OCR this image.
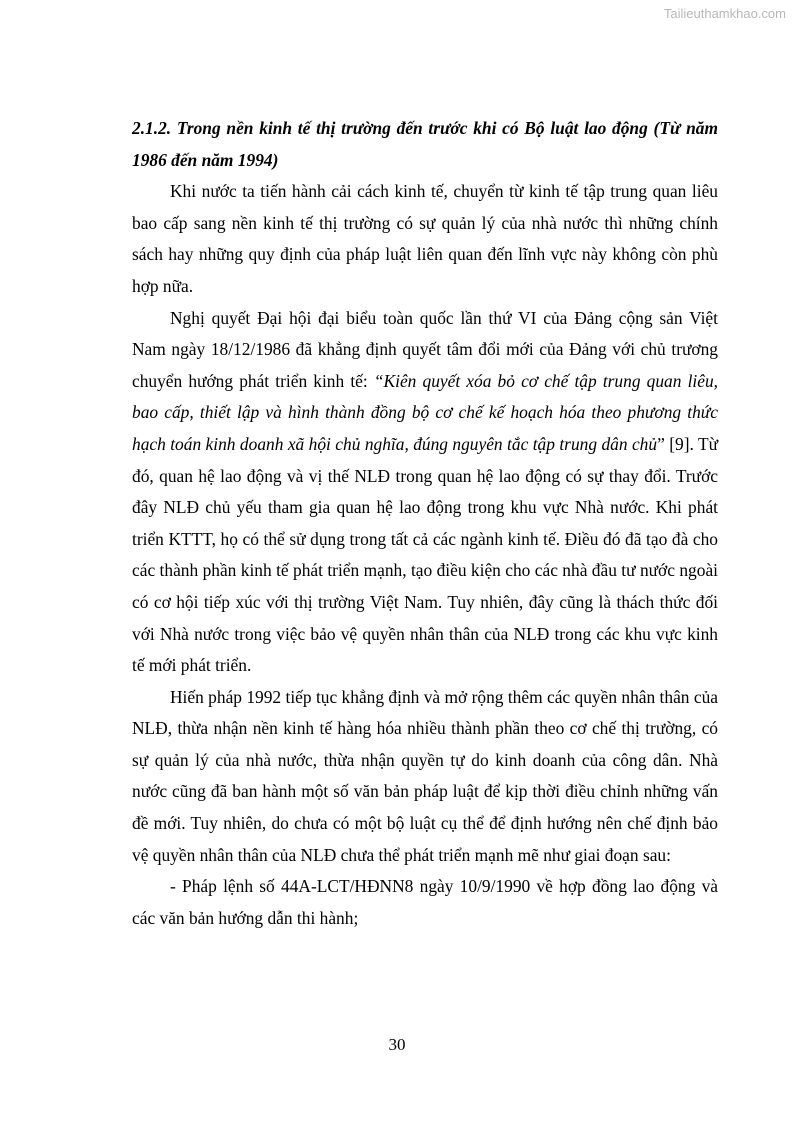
Tailieuthamkhao.com

2.1.2. Trong nền kinh tế thị trường đến trước khi có Bộ luật lao động (Từ năm 1986 đến năm 1994)

Khi nước ta tiến hành cải cách kinh tế, chuyển từ kinh tế tập trung quan liêu bao cấp sang nền kinh tế thị trường có sự quản lý của nhà nước thì những chính sách hay những quy định của pháp luật liên quan đến lĩnh vực này không còn phù hợp nữa.

Nghị quyết Đại hội đại biểu toàn quốc lần thứ VI của Đảng cộng sản Việt Nam ngày 18/12/1986 đã khẳng định quyết tâm đổi mới của Đảng với chủ trương chuyển hướng phát triển kinh tế: “Kiên quyết xóa bỏ cơ chế tập trung quan liêu, bao cấp, thiết lập và hình thành đồng bộ cơ chế kế hoạch hóa theo phương thức hạch toán kinh doanh xã hội chủ nghĩa, đúng nguyên tắc tập trung dân chủ” [9]. Từ đó, quan hệ lao động và vị thế NLĐ trong quan hệ lao động có sự thay đổi. Trước đây NLĐ chủ yếu tham gia quan hệ lao động trong khu vực Nhà nước. Khi phát triển KTTT, họ có thể sử dụng trong tất cả các ngành kinh tế. Điều đó đã tạo đà cho các thành phần kinh tế phát triển mạnh, tạo điều kiện cho các nhà đầu tư nước ngoài có cơ hội tiếp xúc với thị trường Việt Nam. Tuy nhiên, đây cũng là thách thức đối với Nhà nước trong việc bảo vệ quyền nhân thân của NLĐ trong các khu vực kinh tế mới phát triển.

Hiến pháp 1992 tiếp tục khẳng định và mở rộng thêm các quyền nhân thân của NLĐ, thừa nhận nền kinh tế hàng hóa nhiều thành phần theo cơ chế thị trường, có sự quản lý của nhà nước, thừa nhận quyền tự do kinh doanh của công dân. Nhà nước cũng đã ban hành một số văn bản pháp luật để kịp thời điều chỉnh những vấn đề mới. Tuy nhiên, do chưa có một bộ luật cụ thể để định hướng nên chế định bảo vệ quyền nhân thân của NLĐ chưa thể phát triển mạnh mẽ như giai đoạn sau:

- Pháp lệnh số 44A-LCT/HĐNN8 ngày 10/9/1990 về hợp đồng lao động và các văn bản hướng dẫn thi hành;

30
